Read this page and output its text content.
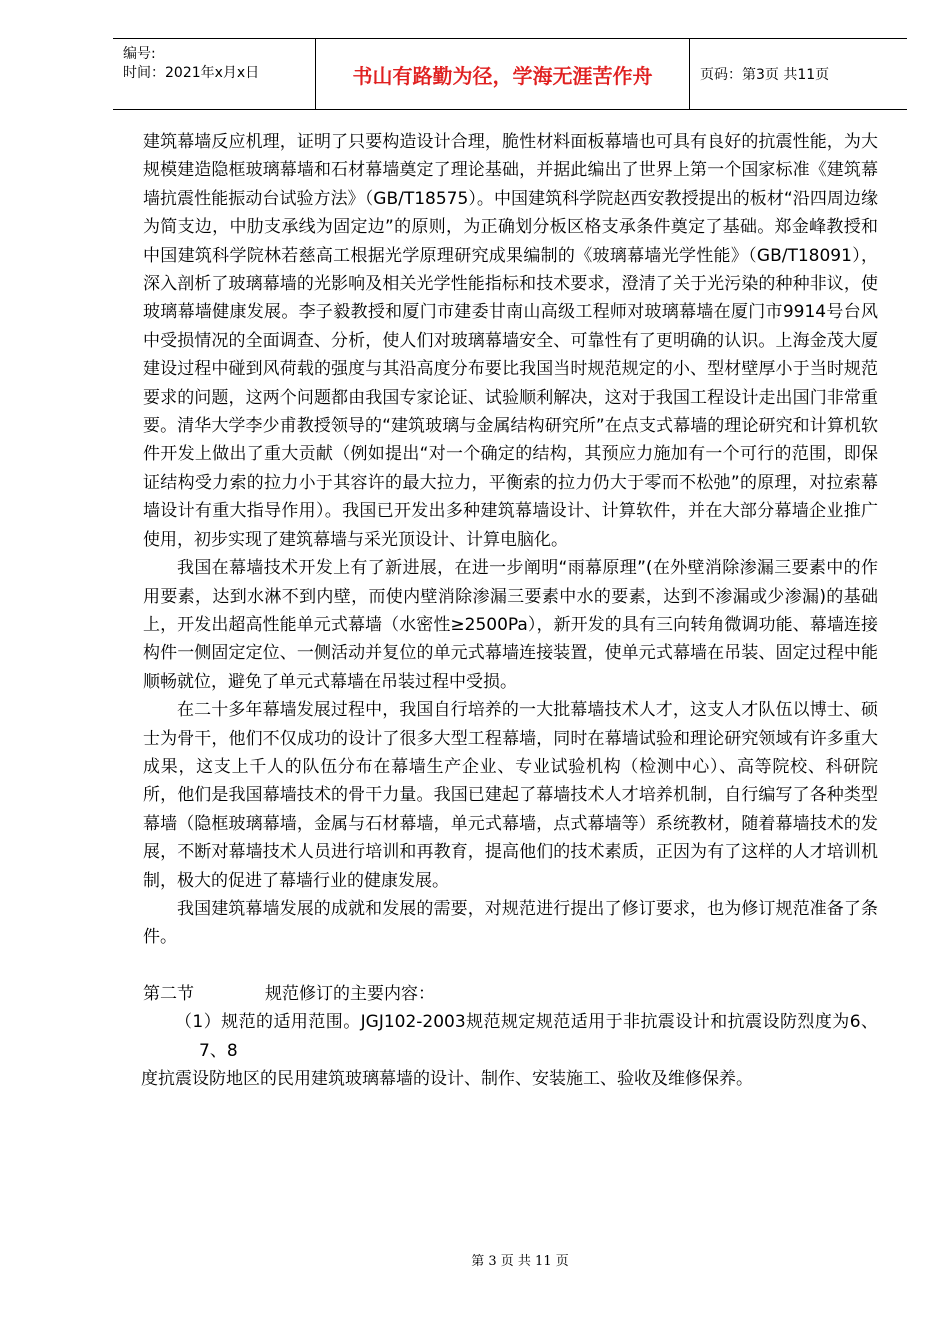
编号:
时间：2021年x月x日	书山有路勤为径，学海无涯苦作舟	页码：第3页 共11页

建筑幕墙反应机理，证明了只要构造设计合理，脆性材料面板幕墙也可具有良好的抗震性能，为大规模建造隐框玻璃幕墙和石材幕墙奠定了理论基础，并据此编出了世界上第一个国家标准《建筑幕墙抗震性能振动台试验方法》（GB/T18575）。中国建筑科学院赵西安教授提出的板材“沿四周边缘为简支边，中肋支承线为固定边”的原则，为正确划分板区格支承条件奠定了基础。郑金峰教授和中国建筑科学院林若慈高工根据光学原理研究成果编制的《玻璃幕墙光学性能》（GB/T18091），深入剖析了玻璃幕墙的光影响及相关光学性能指标和技术要求，澄清了关于光污染的种种非议，使玻璃幕墙健康发展。李子毅教授和厦门市建委甘南山高级工程师对玻璃幕墙在厦门市9914号台风中受损情况的全面调查、分析，使人们对玻璃幕墙安全、可靠性有了更明确的认识。上海金茂大厦建设过程中碰到风荷载的强度与其沿高度分布要比我国当时规范规定的小、型材壁厚小于当时规范要求的问题，这两个问题都由我国专家论证、试验顺利解决，这对于我国工程设计走出国门非常重要。清华大学李少甫教授领导的“建筑玻璃与金属结构研究所”在点支式幕墙的理论研究和计算机软件开发上做出了重大贡献（例如提出“对一个确定的结构，其预应力施加有一个可行的范围，即保证结构受力索的拉力小于其容许的最大拉力，平衡索的拉力仍大于零而不松弛”的原理，对拉索幕墙设计有重大指导作用）。我国已开发出多种建筑幕墙设计、计算软件，并在大部分幕墙企业推广使用，初步实现了建筑幕墙与采光顶设计、计算电脑化。

我国在幕墙技术开发上有了新进展，在进一步阐明“雨幕原理”(在外壁消除渗漏三要素中的作用要素，达到水淋不到内壁，而使内壁消除渗漏三要素中水的要素，达到不渗漏或少渗漏)的基础上，开发出超高性能单元式幕墙（水密性≥2500Pa），新开发的具有三向转角微调功能、幕墙连接构件一侧固定定位、一侧活动并复位的单元式幕墙连接装置，使单元式幕墙在吊装、固定过程中能顺畅就位，避免了单元式幕墙在吊装过程中受损。

在二十多年幕墙发展过程中，我国自行培养的一大批幕墙技术人才，这支人才队伍以博士、硕士为骨干，他们不仅成功的设计了很多大型工程幕墙，同时在幕墙试验和理论研究领域有许多重大成果，这支上千人的队伍分布在幕墙生产企业、专业试验机构（检测中心）、高等院校、科研院所，他们是我国幕墙技术的骨干力量。我国已建起了幕墙技术人才培养机制，自行编写了各种类型幕墙（隐框玻璃幕墙，金属与石材幕墙，单元式幕墙，点式幕墙等）系统教材，随着幕墙技术的发展，不断对幕墙技术人员进行培训和再教育，提高他们的技术素质，正因为有了这样的人才培训机制，极大的促进了幕墙行业的健康发展。

我国建筑幕墙发展的成就和发展的需要，对规范进行提出了修订要求，也为修订规范准备了条件。

第二节	规范修订的主要内容：

（1）规范的适用范围。JGJ102-2003规范规定规范适用于非抗震设计和抗震设防烈度为6、7、8

度抗震设防地区的民用建筑玻璃幕墙的设计、制作、安装施工、验收及维修保养。

第 3 页 共 11 页
